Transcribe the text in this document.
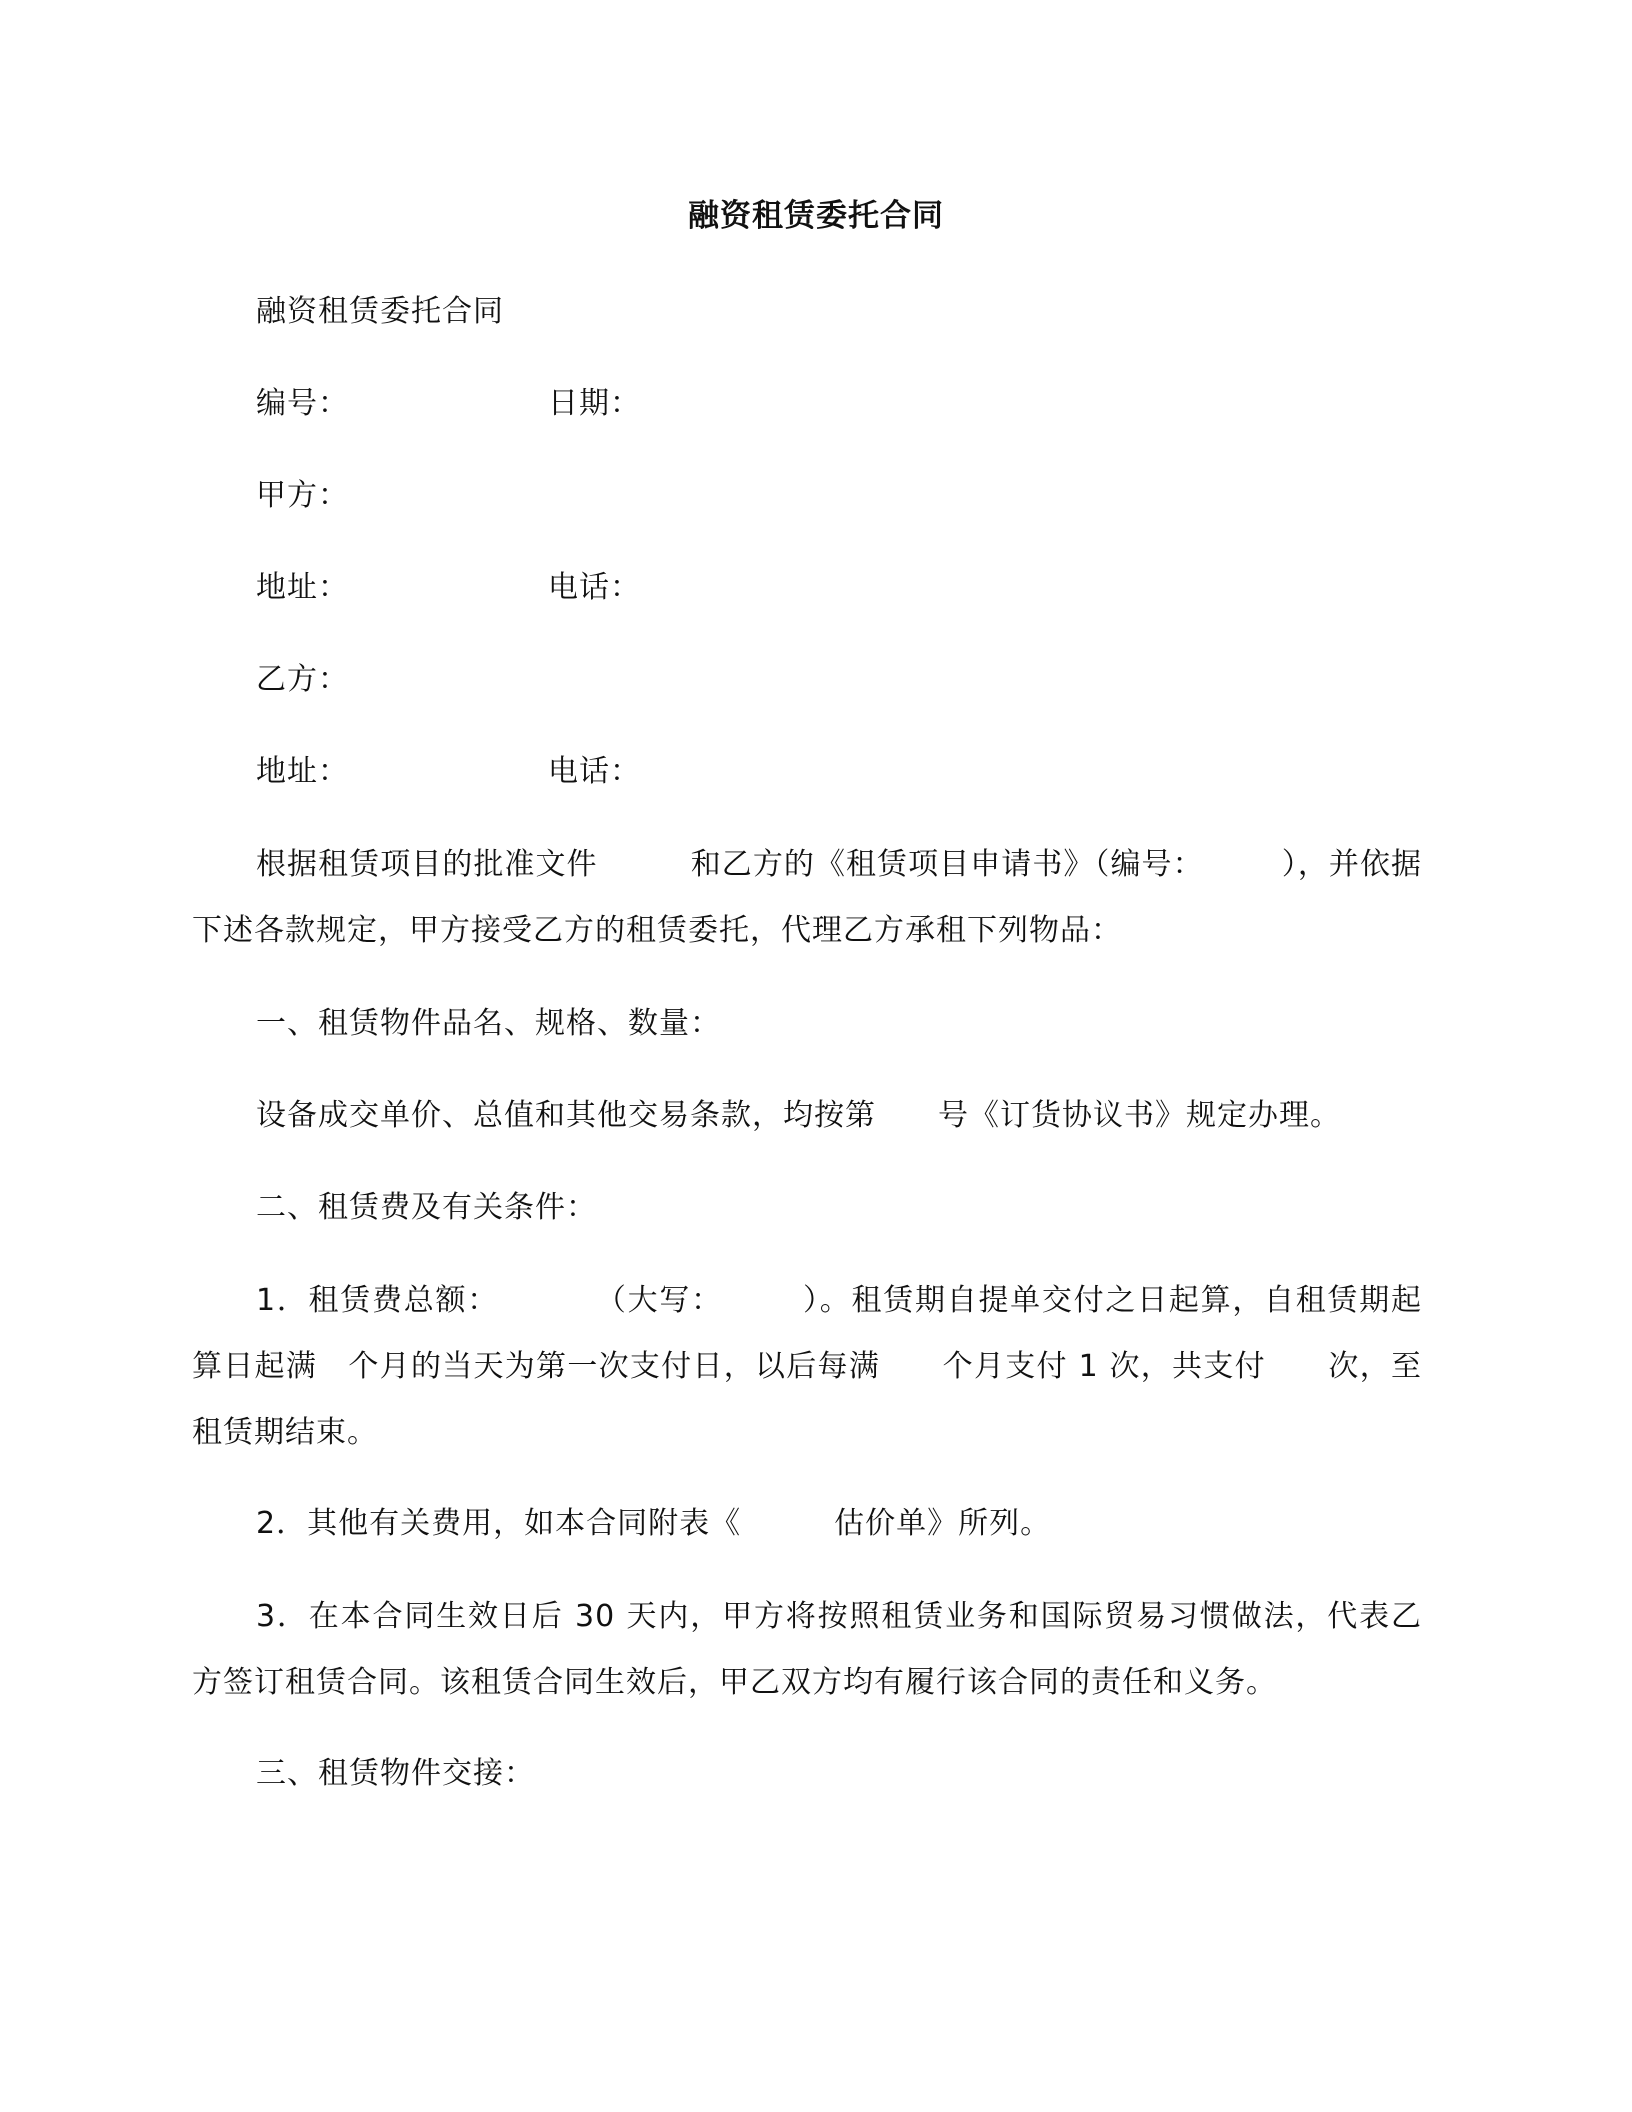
融资租赁委托合同
融资租赁委托合同
编号：	日期：
甲方：
地址：	电话：
乙方：
地址：	电话：
根据租赁项目的批准文件　　　和乙方的《租赁项目申请书》（编号：　　　），并依据下述各款规定，甲方接受乙方的租赁委托，代理乙方承租下列物品：
一、租赁物件品名、规格、数量：
设备成交单价、总值和其他交易条款，均按第　　号《订货协议书》规定办理。
二、租赁费及有关条件：
1．租赁费总额：　　　　（大写：　　　）。租赁期自提单交付之日起算，自租赁期起算日起满　个月的当天为第一次支付日，以后每满　　个月支付 1 次，共支付　　次，至租赁期结束。
2．其他有关费用，如本合同附表《　　　估价单》所列。
3．在本合同生效日后 30 天内，甲方将按照租赁业务和国际贸易习惯做法，代表乙方签订租赁合同。该租赁合同生效后，甲乙双方均有履行该合同的责任和义务。
三、租赁物件交接：
